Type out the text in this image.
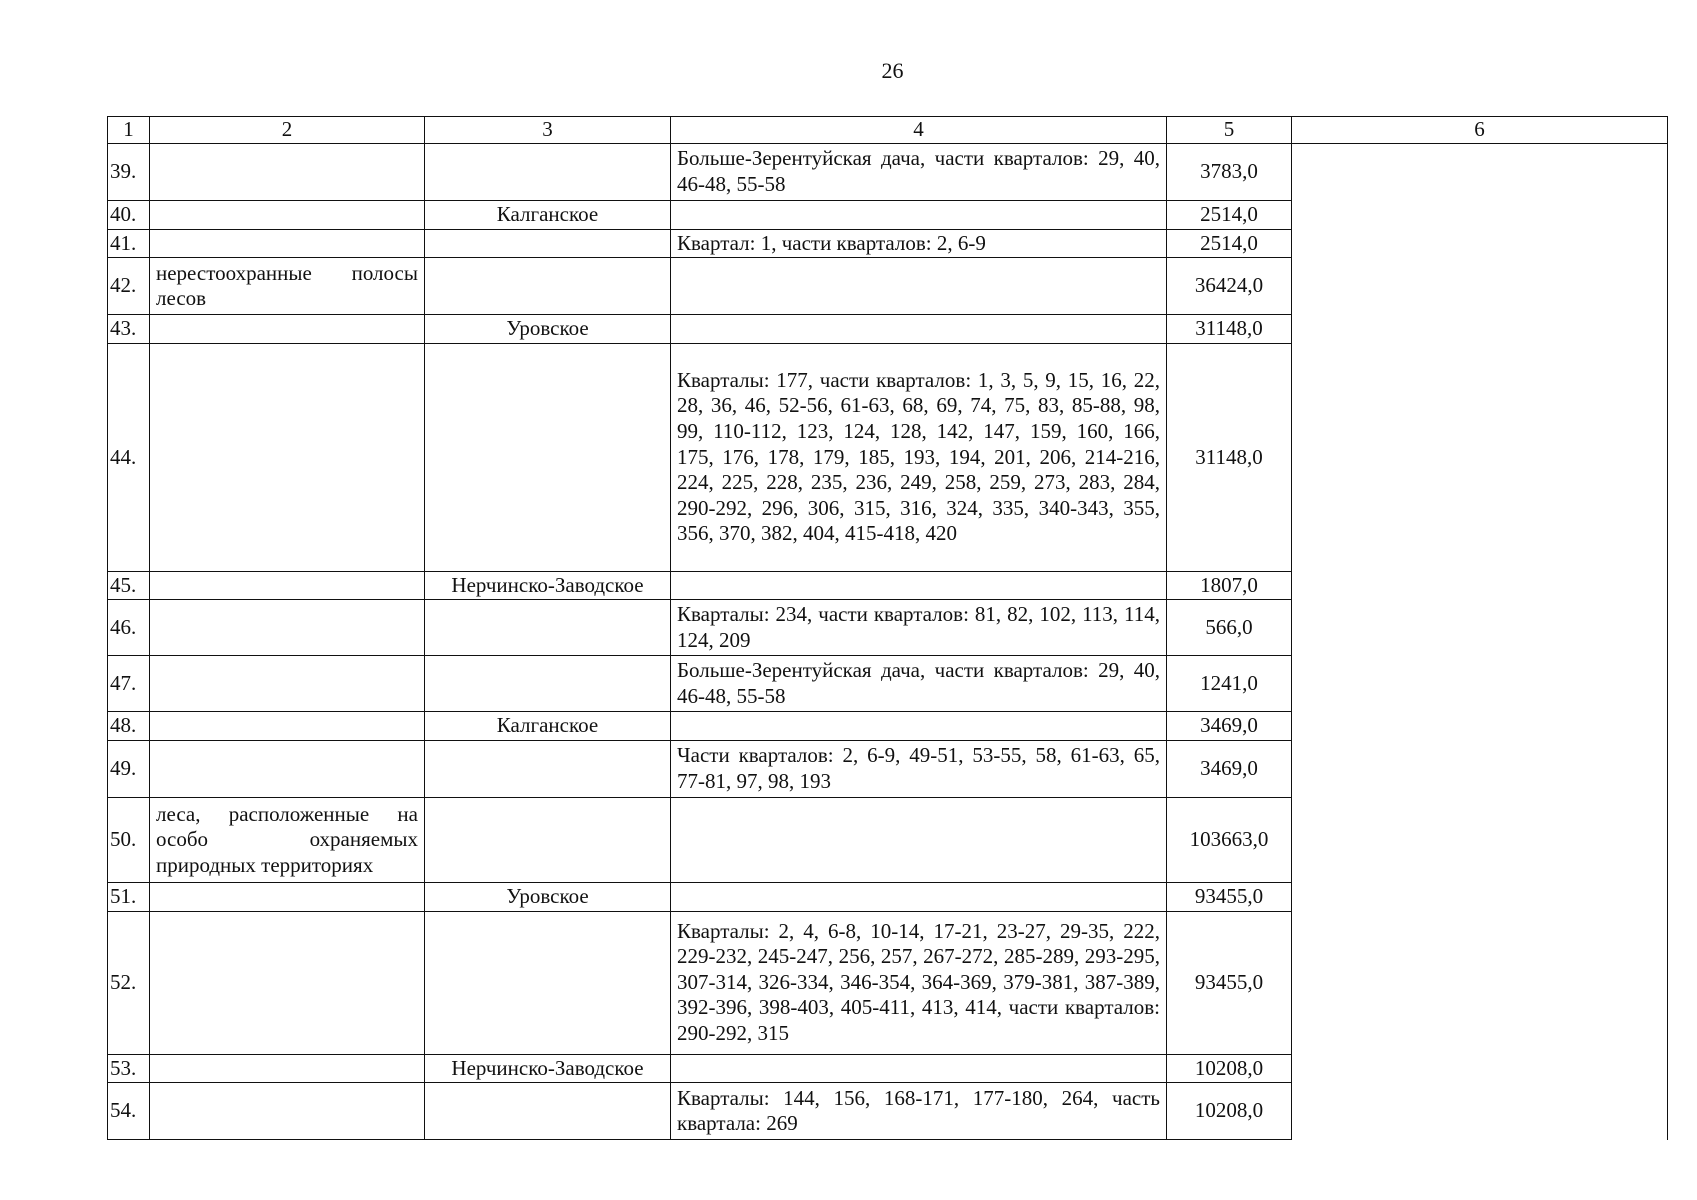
26
1	2	3	4	5	6
39.			Больше-Зерентуйская дача, части кварталов: 29, 40, 46-48, 55-58	3783,0	
40.		Калганское		2514,0	
41.			Квартал: 1, части кварталов: 2, 6-9	2514,0	
42.	нерестоохранные полосы лесов			36424,0	
43.		Уровское		31148,0	
44.			Кварталы: 177, части кварталов: 1, 3, 5, 9, 15, 16, 22, 28, 36, 46, 52-56, 61-63, 68, 69, 74, 75, 83, 85-88, 98, 99, 110-112, 123, 124, 128, 142, 147, 159, 160, 166, 175, 176, 178, 179, 185, 193, 194, 201, 206, 214-216, 224, 225, 228, 235, 236, 249, 258, 259, 273, 283, 284, 290-292, 296, 306, 315, 316, 324, 335, 340-343, 355, 356, 370, 382, 404, 415-418, 420	31148,0	
45.		Нерчинско-Заводское		1807,0	
46.			Кварталы: 234, части кварталов: 81, 82, 102, 113, 114, 124, 209	566,0	
47.			Больше-Зерентуйская дача, части кварталов: 29, 40, 46-48, 55-58	1241,0	
48.		Калганское		3469,0	
49.			Части кварталов: 2, 6-9, 49-51, 53-55, 58, 61-63, 65, 77-81, 97, 98, 193	3469,0	
50.	леса, расположенные на особо охраняемых природных территориях			103663,0	
51.		Уровское		93455,0	
52.			Кварталы: 2, 4, 6-8, 10-14, 17-21, 23-27, 29-35, 222, 229-232, 245-247, 256, 257, 267-272, 285-289, 293-295, 307-314, 326-334, 346-354, 364-369, 379-381, 387-389, 392-396, 398-403, 405-411, 413, 414, части кварталов: 290-292, 315	93455,0	
53.		Нерчинско-Заводское		10208,0	
54.			Кварталы: 144, 156, 168-171, 177-180, 264, часть квартала: 269	10208,0	
